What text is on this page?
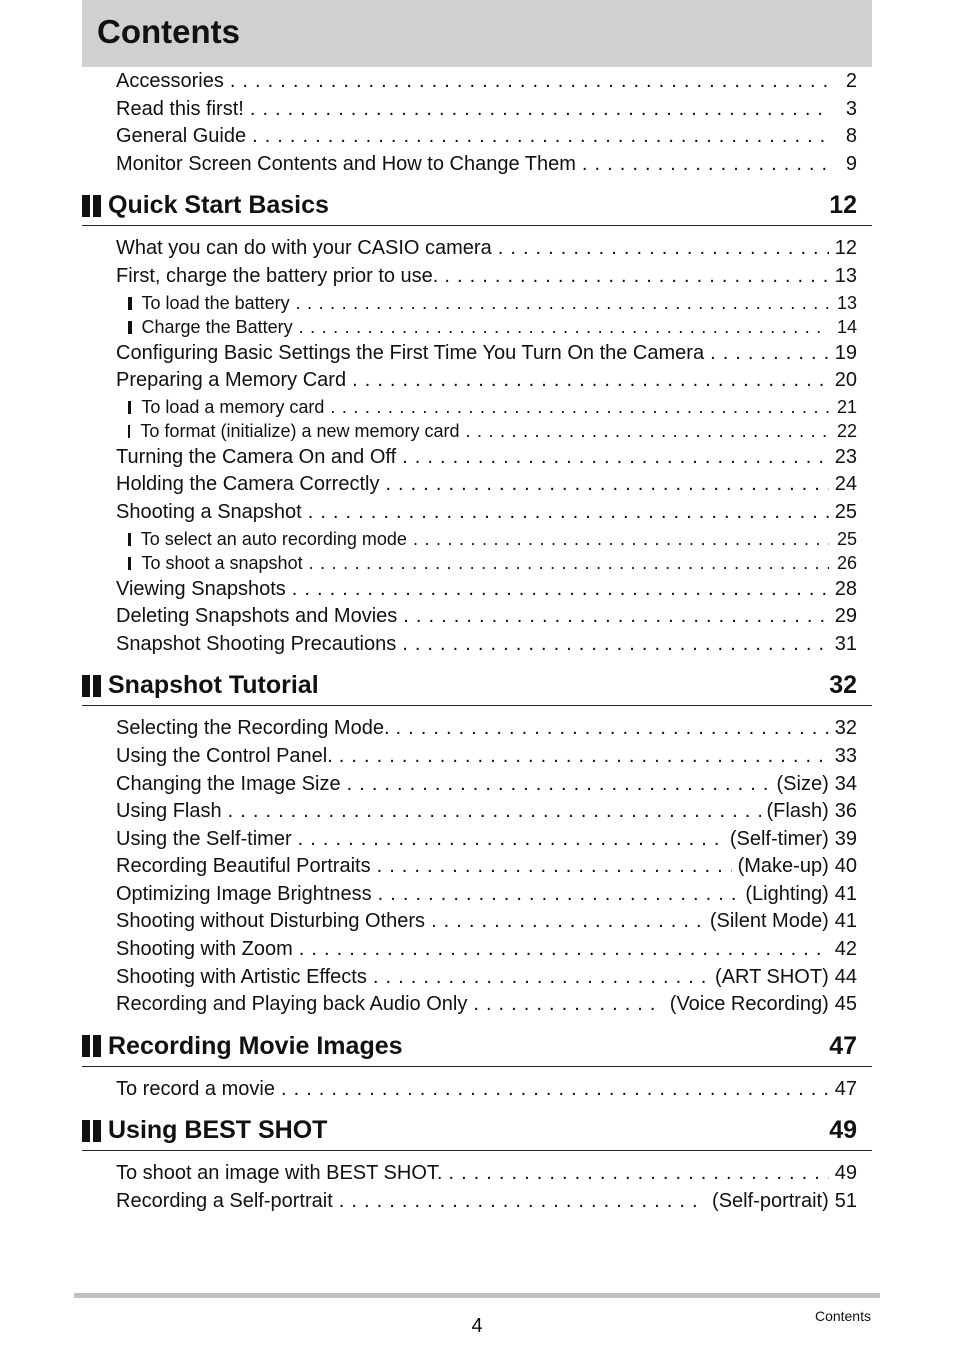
Contents
Accessories . . .	2
Read this first! . . .	3
General Guide . . .	8
Monitor Screen Contents and How to Change Them . . .	9
Quick Start Basics	12
What you can do with your CASIO camera . . .	12
First, charge the battery prior to use. . . .	13
To load the battery . . .	13
Charge the Battery . . .	14
Configuring Basic Settings the First Time You Turn On the Camera . . .	19
Preparing a Memory Card . . .	20
To load a memory card . . .	21
To format (initialize) a new memory card . . .	22
Turning the Camera On and Off . . .	23
Holding the Camera Correctly . . .	24
Shooting a Snapshot . . .	25
To select an auto recording mode . . .	25
To shoot a snapshot . . .	26
Viewing Snapshots . . .	28
Deleting Snapshots and Movies . . .	29
Snapshot Shooting Precautions . . .	31
Snapshot Tutorial	32
Selecting the Recording Mode. . . .	32
Using the Control Panel. . . .	33
Changing the Image Size . . .	(Size) 34
Using Flash . . .	(Flash) 36
Using the Self-timer . . .	(Self-timer) 39
Recording Beautiful Portraits . . .	(Make-up) 40
Optimizing Image Brightness . . .	(Lighting) 41
Shooting without Disturbing Others . . .	(Silent Mode) 41
Shooting with Zoom . . .	42
Shooting with Artistic Effects . . .	(ART SHOT) 44
Recording and Playing back Audio Only . . .	(Voice Recording) 45
Recording Movie Images	47
To record a movie . . .	47
Using BEST SHOT	49
To shoot an image with BEST SHOT. . . .	49
Recording a Self-portrait . . .	(Self-portrait) 51
4	Contents
